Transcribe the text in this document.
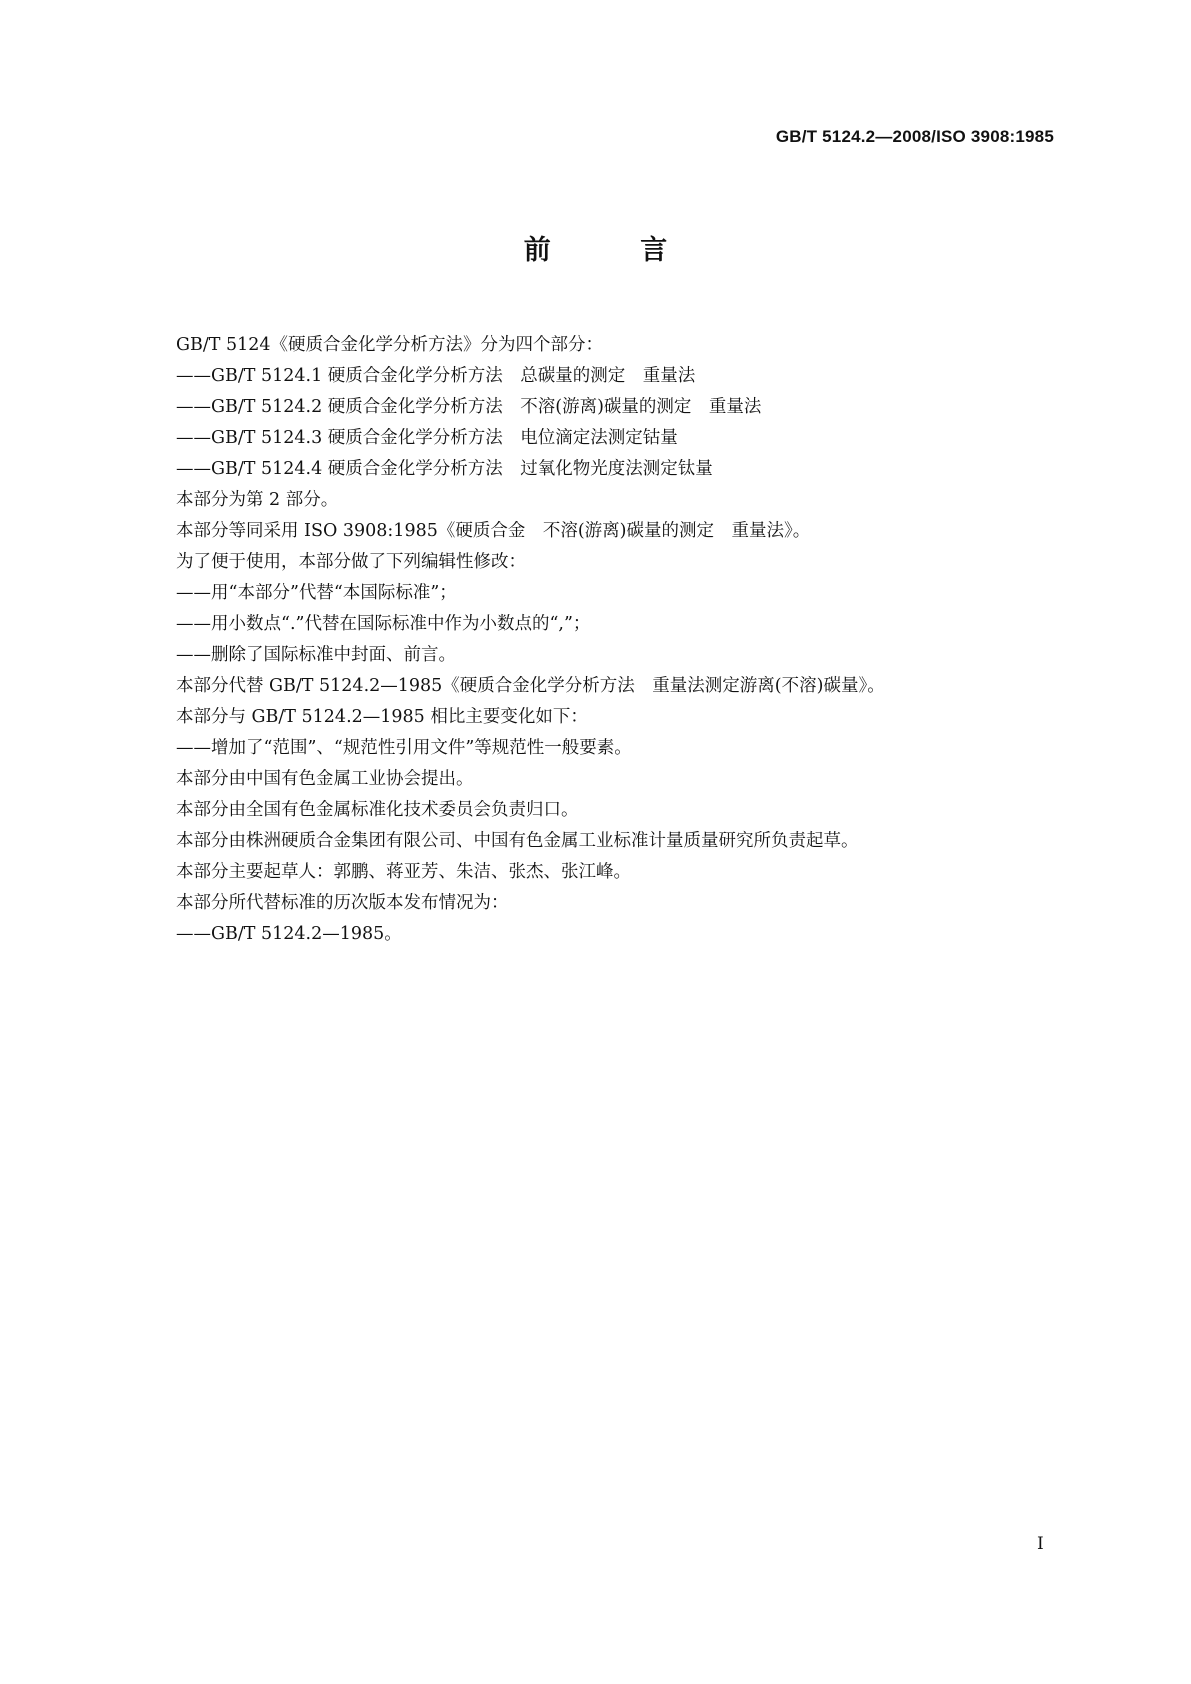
GB/T 5124.2—2008/ISO 3908:1985
前 言
GB/T 5124《硬质合金化学分析方法》分为四个部分：
——GB/T 5124.1 硬质合金化学分析方法　总碳量的测定　重量法
——GB/T 5124.2 硬质合金化学分析方法　不溶(游离)碳量的测定　重量法
——GB/T 5124.3 硬质合金化学分析方法　电位滴定法测定钴量
——GB/T 5124.4 硬质合金化学分析方法　过氧化物光度法测定钛量
本部分为第 2 部分。
本部分等同采用 ISO 3908:1985《硬质合金　不溶(游离)碳量的测定　重量法》。
为了便于使用，本部分做了下列编辑性修改：
——用“本部分”代替“本国际标准”；
——用小数点“.”代替在国际标准中作为小数点的“,”；
——删除了国际标准中封面、前言。
本部分代替 GB/T 5124.2—1985《硬质合金化学分析方法　重量法测定游离(不溶)碳量》。
本部分与 GB/T 5124.2—1985 相比主要变化如下：
——增加了“范围”、“规范性引用文件”等规范性一般要素。
本部分由中国有色金属工业协会提出。
本部分由全国有色金属标准化技术委员会负责归口。
本部分由株洲硬质合金集团有限公司、中国有色金属工业标准计量质量研究所负责起草。
本部分主要起草人：郭鹏、蒋亚芳、朱洁、张杰、张江峰。
本部分所代替标准的历次版本发布情况为：
——GB/T 5124.2—1985。
I
